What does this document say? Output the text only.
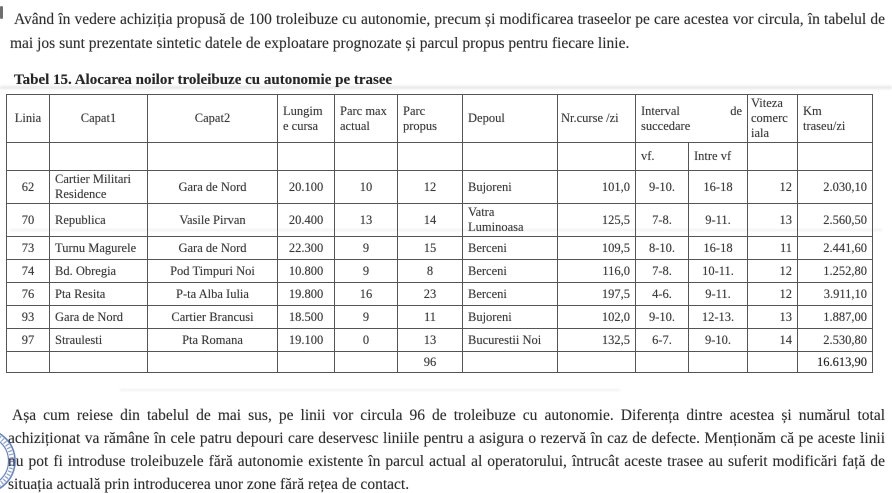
Având în vedere achiziția propusă de 100 troleibuze cu autonomie, precum și modificarea traseelor pe care acestea vor circula, în tabelul de mai jos sunt prezentate sintetic datele de exploatare prognozate și parcul propus pentru fiecare linie.

Tabel 15. Alocarea noilor troleibuze cu autonomie pe trasee
Linia	Capat1	Capat2	Lungim e cursa	Parc max actual	Parc propus	Depoul	Nr.curse /zi	Interval de succedare		Viteza comerc iala	Km traseu/zi
								vf.	Intre vf		
62	Cartier Militari Residence	Gara de Nord	20.100	10	12	Bujoreni	101,0	9-10.	16-18	12	2.030,10
70	Republica	Vasile Pirvan	20.400	13	14	Vatra Luminoasa	125,5	7-8.	9-11.	13	2.560,50
73	Turnu Magurele	Gara de Nord	22.300	9	15	Berceni	109,5	8-10.	16-18	11	2.441,60
74	Bd. Obregia	Pod Timpuri Noi	10.800	9	8	Berceni	116,0	7-8.	10-11.	12	1.252,80
76	Pta Resita	P-ta Alba Iulia	19.800	16	23	Berceni	197,5	4-6.	9-11.	12	3.911,10
93	Gara de Nord	Cartier Brancusi	18.500	9	11	Bujoreni	102,0	9-10.	12-13.	13	1.887,00
97	Straulesti	Pta Romana	19.100	0	13	Bucurestii Noi	132,5	6-7.	9-10.	14	2.530,80
					96						16.613,90

Așa cum reiese din tabelul de mai sus, pe linii vor circula 96 de troleibuze cu autonomie. Diferența dintre acestea și numărul total achiziționat va rămâne în cele patru depouri care deservesc liniile pentru a asigura o rezervă în caz de defecte. Menționăm că pe aceste linii nu pot fi introduse troleibuzele fără autonomie existente în parcul actual al operatorului, întrucât aceste trasee au suferit modificări față de situația actuală prin introducerea unor zone fără rețea de contact.
